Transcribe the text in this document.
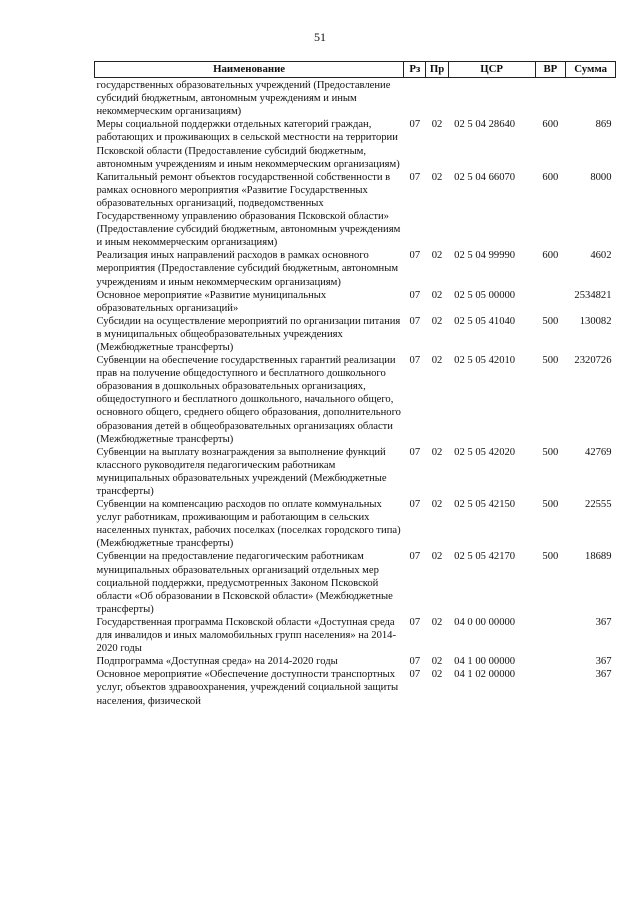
51
Наименование	Рз	Пр	ЦСР	ВР	Сумма
государственных образовательных учреждений (Предоставление субсидий бюджетным, автономным учреждениям и иным некоммерческим организациям)					
Меры социальной поддержки отдельных категорий граждан, работающих и проживающих в сельской местности на территории Псковской области (Предоставление субсидий бюджетным, автономным учреждениям и иным некоммерческим организациям)	07	02	02 5 04 28640	600	869
Капитальный ремонт объектов государственной собственности в рамках основного мероприятия «Развитие Государственных образовательных организаций, подведомственных Государственному управлению образования Псковской области» (Предоставление субсидий бюджетным, автономным учреждениям и иным некоммерческим организациям)	07	02	02 5 04 66070	600	8000
Реализация иных направлений расходов в рамках основного мероприятия (Предоставление субсидий бюджетным, автономным учреждениям и иным некоммерческим организациям)	07	02	02 5 04 99990	600	4602
Основное мероприятие «Развитие муниципальных образовательных организаций»	07	02	02 5 05 00000		2534821
Субсидии на осуществление мероприятий по организации питания в муниципальных общеобразовательных учреждениях (Межбюджетные трансферты)	07	02	02 5 05 41040	500	130082
Субвенции на обеспечение государственных гарантий реализации прав на получение общедоступного и бесплатного дошкольного образования в дошкольных образовательных организациях, общедоступного и бесплатного дошкольного, начального общего, основного общего, среднего общего образования, дополнительного образования детей в общеобразовательных организациях области (Межбюджетные трансферты)	07	02	02 5 05 42010	500	2320726
Субвенции на выплату вознаграждения за выполнение функций классного руководителя педагогическим работникам муниципальных образовательных учреждений (Межбюджетные трансферты)	07	02	02 5 05 42020	500	42769
Субвенции на компенсацию расходов по оплате коммунальных услуг работникам, проживающим и работающим в сельских населенных пунктах, рабочих поселках (поселках городского типа) (Межбюджетные трансферты)	07	02	02 5 05 42150	500	22555
Субвенции на предоставление педагогическим работникам муниципальных образовательных организаций отдельных мер социальной поддержки, предусмотренных Законом Псковской области «Об образовании в Псковской области» (Межбюджетные трансферты)	07	02	02 5 05 42170	500	18689
Государственная программа Псковской области «Доступная среда для инвалидов и иных маломобильных групп населения» на 2014-2020 годы	07	02	04 0 00 00000		367
Подпрограмма «Доступная среда» на 2014-2020 годы	07	02	04 1 00 00000		367
Основное мероприятие «Обеспечение доступности транспортных услуг, объектов здравоохранения, учреждений социальной защиты населения, физической	07	02	04 1 02 00000		367
